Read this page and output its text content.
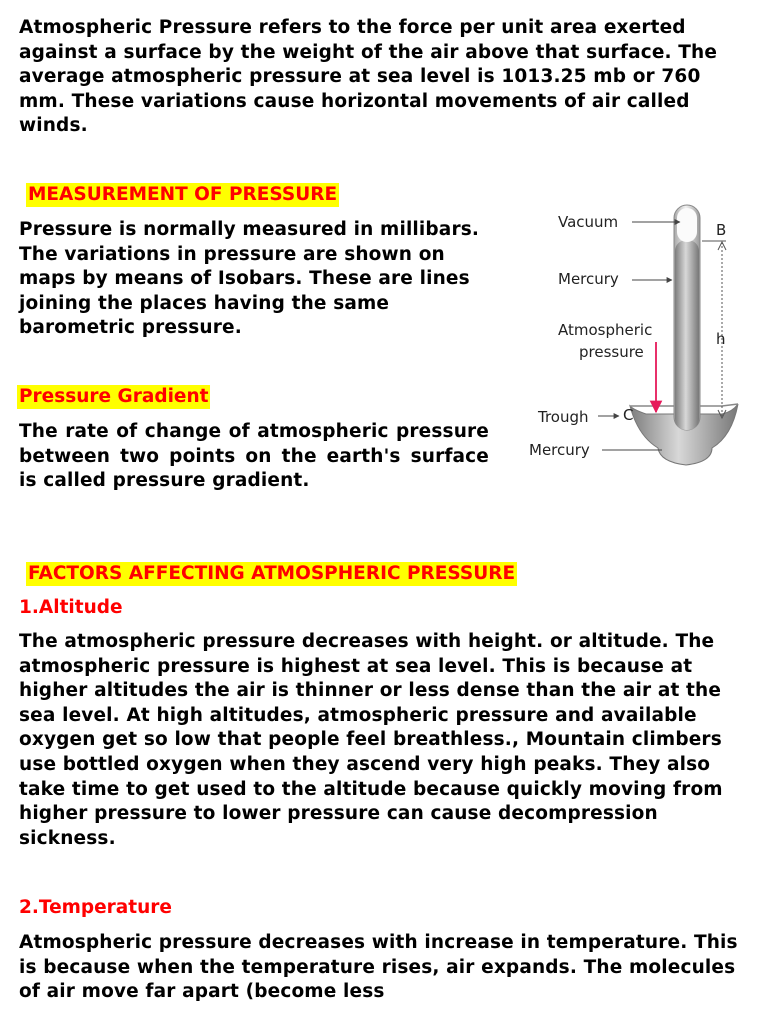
Atmospheric Pressure refers to the force per unit area exerted against a surface by the weight of the air above that surface. The average atmospheric pressure at sea level is 1013.25 mb or 760 mm. These variations cause horizontal movements of air called winds.

MEASUREMENT OF PRESSURE

Pressure is normally measured in millibars. The variations in pressure are shown on maps by means of Isobars. These are lines joining the places having the same barometric pressure.

Pressure Gradient

The rate of change of atmospheric pressure between two points on the earth's surface is called pressure gradient.

Vacuum
Mercury
Atmospheric
pressure
Trough C
Mercury
B
h
FACTORS AFFECTING ATMOSPHERIC PRESSURE
1.Altitude

The atmospheric pressure decreases with height. or altitude. The atmospheric pressure is highest at sea level. This is because at higher altitudes the air is thinner or less dense than the air at the sea level. At high altitudes, atmospheric pressure and available oxygen get so low that people feel breathless., Mountain climbers use bottled oxygen when they ascend very high peaks. They also take time to get used to the altitude because quickly moving from higher pressure to lower pressure can cause decompression sickness.

2.Temperature

Atmospheric pressure decreases with increase in temperature. This is because when the temperature rises, air expands. The molecules of air move far apart (become less
